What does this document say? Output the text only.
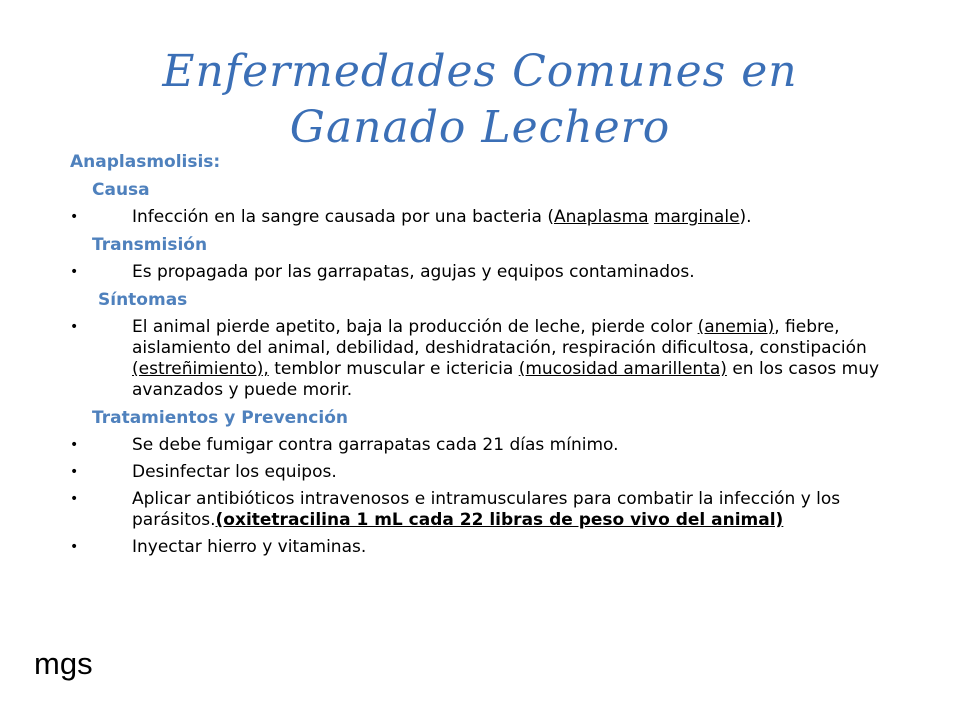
Enfermedades Comunes en
Ganado Lechero
Anaplasmolisis:
Causa
•	Infección en la sangre causada por una bacteria (Anaplasma marginale).
Transmisión
•	Es propagada por las garrapatas, agujas y equipos contaminados.
Síntomas
•	El animal pierde apetito, baja la producción de leche, pierde color (anemia), fiebre, aislamiento del animal, debilidad, deshidratación, respiración dificultosa, constipación (estreñimiento), temblor muscular e ictericia (mucosidad amarillenta) en los casos muy avanzados y puede morir.
Tratamientos y Prevención
•	Se debe fumigar contra garrapatas cada 21 días mínimo.
•	Desinfectar los equipos.
•	Aplicar antibióticos intravenosos e intramusculares para combatir la infección y los parásitos.(oxitetracilina 1 mL cada 22 libras de peso vivo del animal)
•	Inyectar hierro y vitaminas.
mgs
